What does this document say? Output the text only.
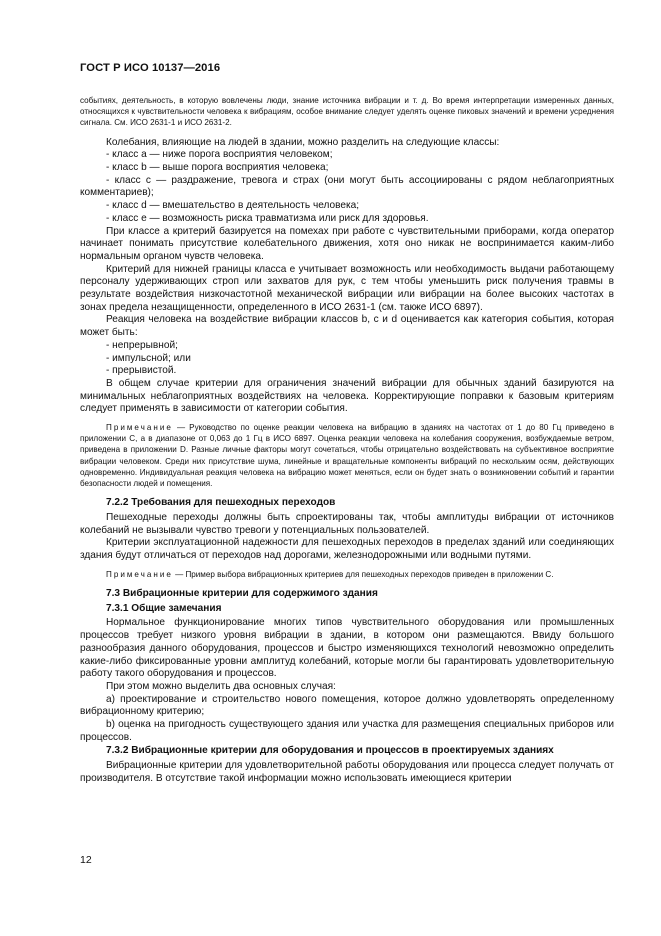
ГОСТ Р ИСО 10137—2016

событиях, деятельность, в которую вовлечены люди, знание источника вибрации и т. д. Во время интерпретации измеренных данных, относящихся к чувствительности человека к вибрациям, особое внимание следует уделять оценке пиковых значений и времени усреднения сигнала. См. ИСО 2631-1 и ИСО 2631-2.

Колебания, влияющие на людей в здании, можно разделить на следующие классы:

- класс a — ниже порога восприятия человеком;

- класс b — выше порога восприятия человека;

- класс c — раздражение, тревога и страх (они могут быть ассоциированы с рядом неблагоприятных комментариев);

- класс d — вмешательство в деятельность человека;

- класс e — возможность риска травматизма или риск для здоровья.

При классе a критерий базируется на помехах при работе с чувствительными приборами, когда оператор начинает понимать присутствие колебательного движения, хотя оно никак не воспринимается каким-либо нормальным органом чувств человека.

Критерий для нижней границы класса e учитывает возможность или необходимость выдачи работающему персоналу удерживающих строп или захватов для рук, с тем чтобы уменьшить риск получения травмы в результате воздействия низкочастотной механической вибрации или вибрации на более высоких частотах в зонах предела незащищенности, определенного в ИСО 2631-1 (см. также ИСО 6897).

Реакция человека на воздействие вибрации классов b, c и d оценивается как категория события, которая может быть:

- непрерывной;

- импульсной; или

- прерывистой.

В общем случае критерии для ограничения значений вибрации для обычных зданий базируются на минимальных неблагоприятных воздействиях на человека. Корректирующие поправки к базовым критериям следует применять в зависимости от категории события.

Примечание — Руководство по оценке реакции человека на вибрацию в зданиях на частотах от 1 до 80 Гц приведено в приложении C, а в диапазоне от 0,063 до 1 Гц в ИСО 6897. Оценка реакции человека на колебания сооружения, возбуждаемые ветром, приведена в приложении D. Разные личные факторы могут сочетаться, чтобы отрицательно воздействовать на субъективное восприятие вибрации человеком. Среди них присутствие шума, линейные и вращательные компоненты вибраций по нескольким осям, действующих одновременно. Индивидуальная реакция человека на вибрацию может меняться, если он будет знать о возникновении событий и гарантии безопасности людей и помещения.

7.2.2 Требования для пешеходных переходов

Пешеходные переходы должны быть спроектированы так, чтобы амплитуды вибрации от источников колебаний не вызывали чувство тревоги у потенциальных пользователей.

Критерии эксплуатационной надежности для пешеходных переходов в пределах зданий или соединяющих здания будут отличаться от переходов над дорогами, железнодорожными или водными путями.

Примечание — Пример выбора вибрационных критериев для пешеходных переходов приведен в приложении C.

7.3 Вибрационные критерии для содержимого здания
7.3.1 Общие замечания

Нормальное функционирование многих типов чувствительного оборудования или промышленных процессов требует низкого уровня вибрации в здании, в котором они размещаются. Ввиду большого разнообразия данного оборудования, процессов и быстро изменяющихся технологий невозможно определить какие-либо фиксированные уровни амплитуд колебаний, которые могли бы гарантировать удовлетворительную работу такого оборудования и процессов.

При этом можно выделить два основных случая:

a) проектирование и строительство нового помещения, которое должно удовлетворять определенному вибрационному критерию;

b) оценка на пригодность существующего здания или участка для размещения специальных приборов или процессов.

7.3.2 Вибрационные критерии для оборудования и процессов в проектируемых зданиях

Вибрационные критерии для удовлетворительной работы оборудования или процесса следует получать от производителя. В отсутствие такой информации можно использовать имеющиеся критерии

12
